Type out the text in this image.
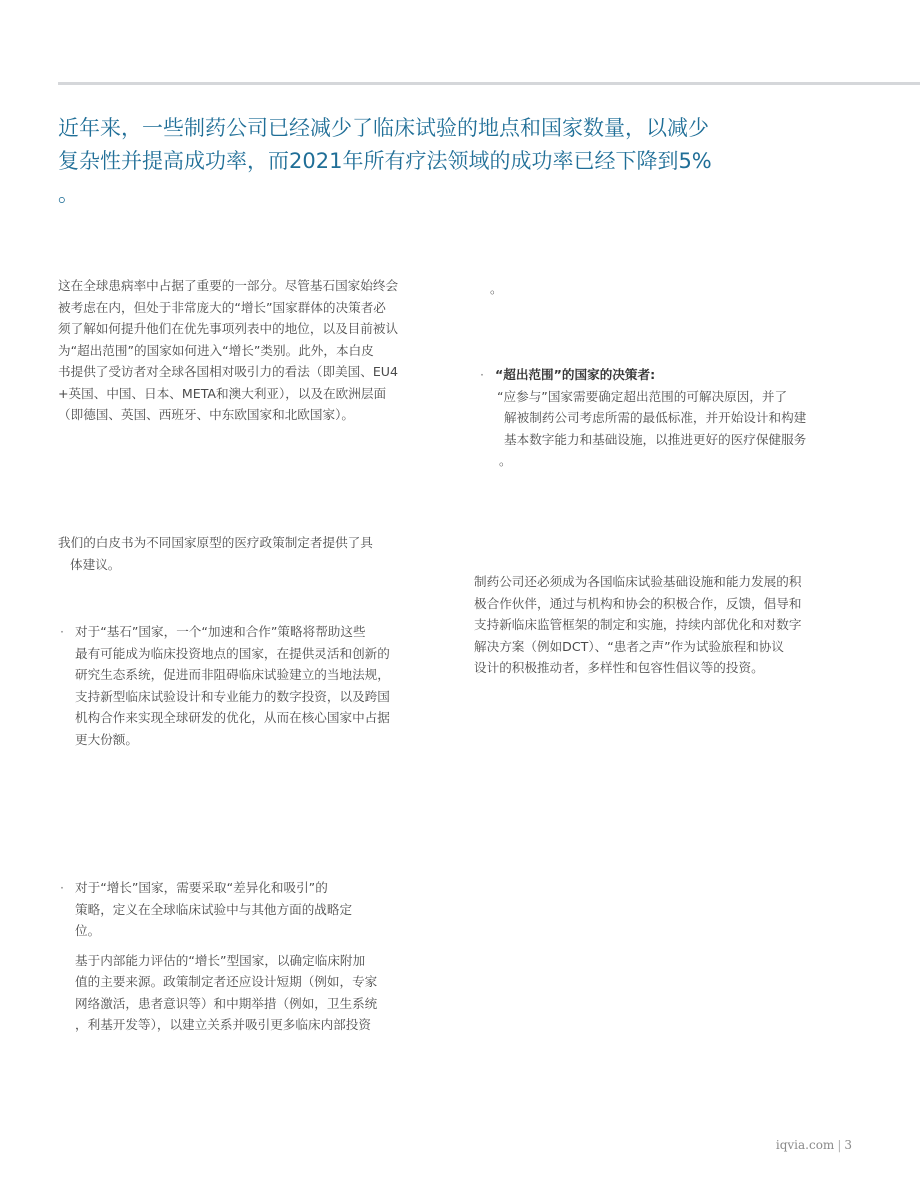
近年来，一些制药公司已经减少了临床试验的地点和国家数量，以减少
复杂性并提高成功率，而2021年所有疗法领域的成功率已经下降到5%
。
这在全球患病率中占据了重要的一部分。尽管基石国家始终会
被考虑在内，但处于非常庞大的“增长”国家群体的决策者必
须了解如何提升他们在优先事项列表中的地位，以及目前被认
为“超出范围”的国家如何进入“增长”类别。此外，本白皮
书提供了受访者对全球各国相对吸引力的看法（即美国、EU4
+英国、中国、日本、META和澳大利亚），以及在欧洲层面
（即德国、英国、西班牙、中东欧国家和北欧国家）。
我们的白皮书为不同国家原型的医疗政策制定者提供了具
体建议。
· 对于“基石”国家，一个“加速和合作”策略将帮助这些
最有可能成为临床投资地点的国家，在提供灵活和创新的
研究生态系统，促进而非阻碍临床试验建立的当地法规，
支持新型临床试验设计和专业能力的数字投资，以及跨国
机构合作来实现全球研发的优化，从而在核心国家中占据
更大份额。
· 对于“增长”国家，需要采取“差异化和吸引”的
策略，定义在全球临床试验中与其他方面的战略定
位。
基于内部能力评估的“增长”型国家，以确定临床附加
值的主要来源。政策制定者还应设计短期（例如，专家
网络激活，患者意识等）和中期举措（例如，卫生系统
，利基开发等），以建立关系并吸引更多临床内部投资
。
· “超出范围”的国家的决策者:
“应参与”国家需要确定超出范围的可解决原因，并了
解被制药公司考虑所需的最低标准，并开始设计和构建
基本数字能力和基础设施，以推进更好的医疗保健服务
。
制药公司还必须成为各国临床试验基础设施和能力发展的积
极合作伙伴，通过与机构和协会的积极合作，反馈，倡导和
支持新临床监管框架的制定和实施，持续内部优化和对数字
解决方案（例如DCT）、“患者之声”作为试验旅程和协议
设计的积极推动者，多样性和包容性倡议等的投资。
iqvia.com | 3
